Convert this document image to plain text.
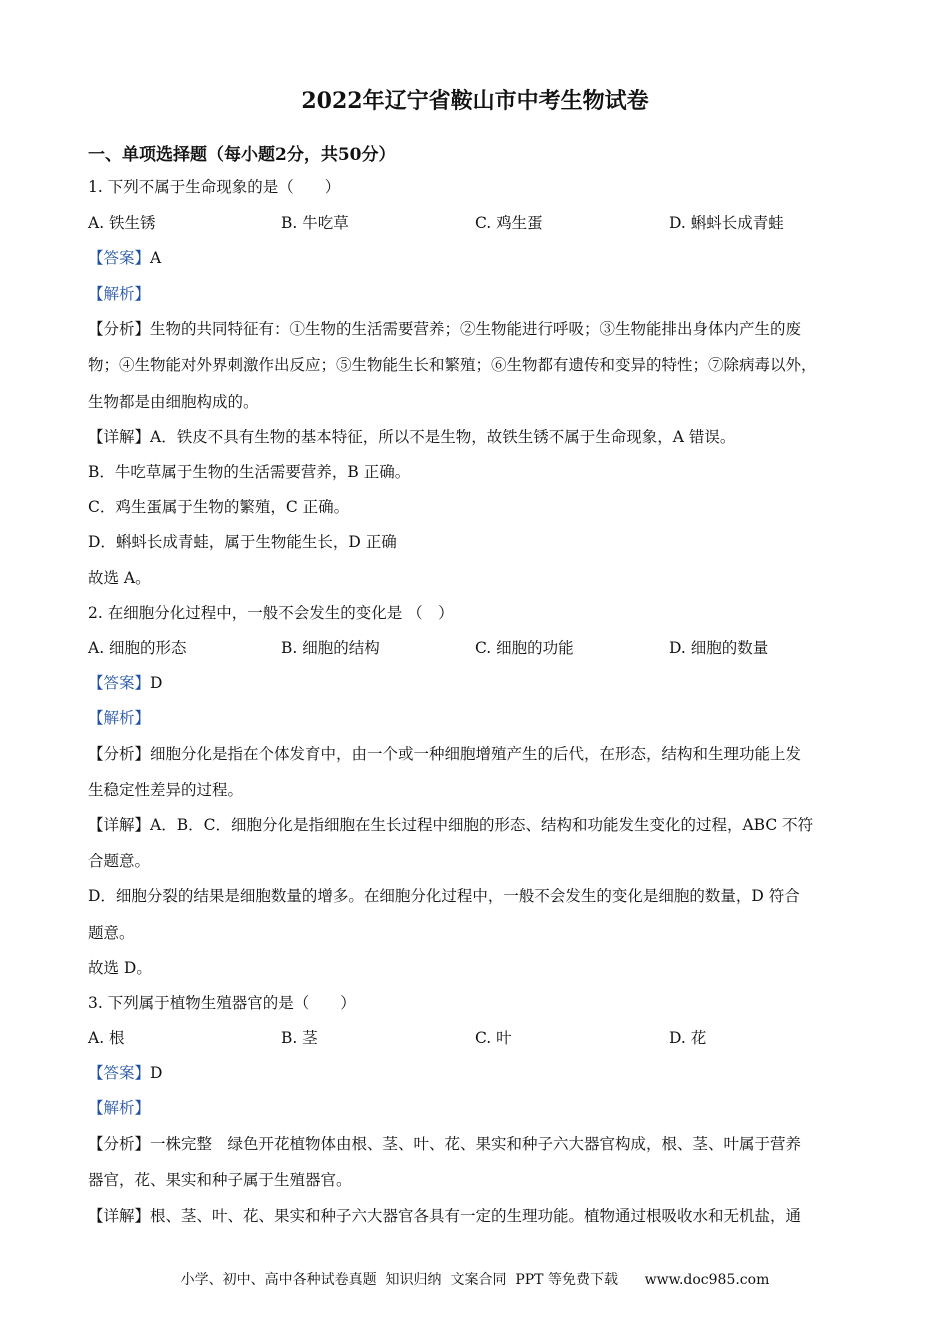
2022年辽宁省鞍山市中考生物试卷
一、单项选择题（每小题2分，共50分）
1. 下列不属于生命现象的是（　　）
A. 铁生锈	B. 牛吃草	C. 鸡生蛋	D. 蝌蚪长成青蛙
【答案】A
【解析】
【分析】生物的共同特征有：①生物的生活需要营养；②生物能进行呼吸；③生物能排出身体内产生的废
物；④生物能对外界刺激作出反应；⑤生物能生长和繁殖；⑥生物都有遗传和变异的特性；⑦除病毒以外，
生物都是由细胞构成的。
【详解】A．铁皮不具有生物的基本特征，所以不是生物，故铁生锈不属于生命现象，A 错误。
B．牛吃草属于生物的生活需要营养，B 正确。
C．鸡生蛋属于生物的繁殖，C 正确。
D．蝌蚪长成青蛙，属于生物能生长，D 正确
故选 A。
2. 在细胞分化过程中，一般不会发生的变化是 （　）
A. 细胞的形态	B. 细胞的结构	C. 细胞的功能	D. 细胞的数量
【答案】D
【解析】
【分析】细胞分化是指在个体发育中，由一个或一种细胞增殖产生的后代，在形态，结构和生理功能上发
生稳定性差异的过程。
【详解】A．B．C．细胞分化是指细胞在生长过程中细胞的形态、结构和功能发生变化的过程，ABC 不符
合题意。
D．细胞分裂的结果是细胞数量的增多。在细胞分化过程中，一般不会发生的变化是细胞的数量，D 符合
题意。
故选 D。
3. 下列属于植物生殖器官的是（　　）
A. 根	B. 茎	C. 叶	D. 花
【答案】D
【解析】
【分析】一株完整　绿色开花植物体由根、茎、叶、花、果实和种子六大器官构成，根、茎、叶属于营养
器官，花、果实和种子属于生殖器官。
【详解】根、茎、叶、花、果实和种子六大器官各具有一定的生理功能。植物通过根吸收水和无机盐，通
小学、初中、高中各种试卷真题  知识归纳  文案合同  PPT 等免费下载      www.doc985.com
